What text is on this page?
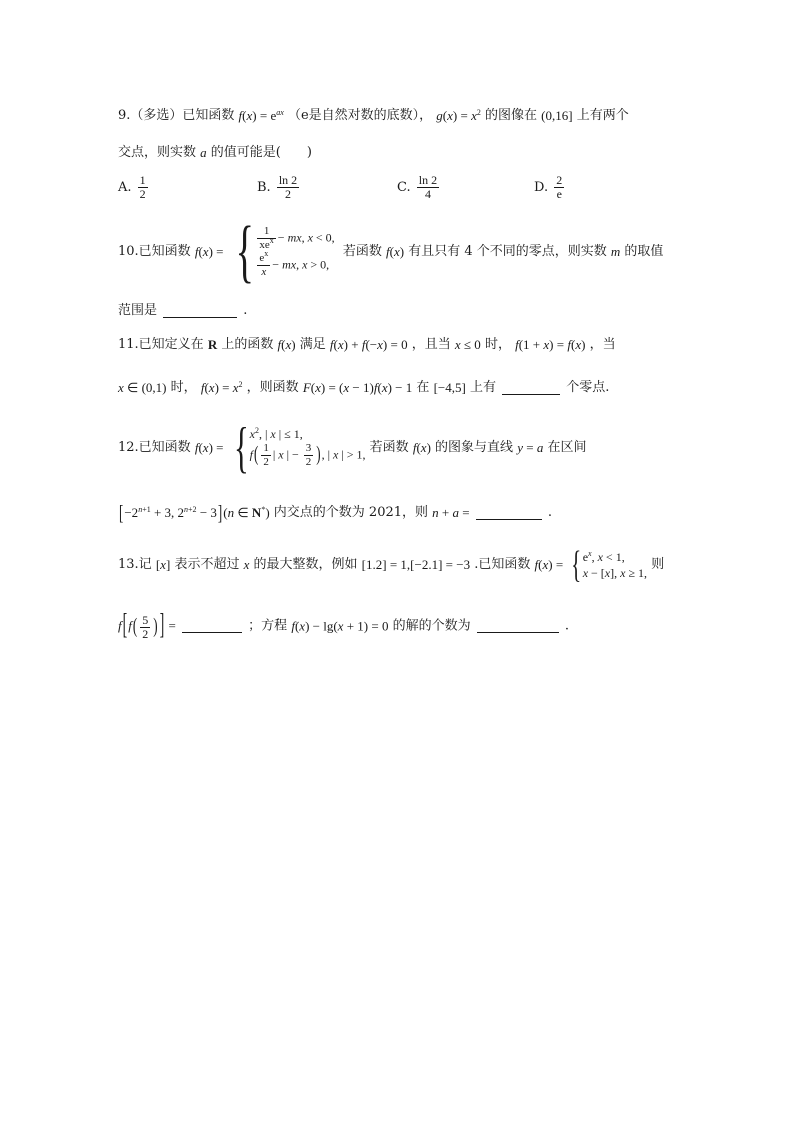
9.（多选）已知函数 $f(x) = e^{ax}$ （e是自然对数的底数）， $g(x) = x^2$ 的图像在 (0,16] 上有两个
交点，则实数 a 的值可能是(　　)
A. $\frac{1}{2}$	B. $\frac{\ln 2}{2}$	C. $\frac{\ln 2}{4}$	D. $\frac{2}{e}$
10.已知函数 f(x) = { $\frac{1}{xe^x}$ − mx, x < 0,
$\frac{e^x}{x}$ − mx, x > 0,
若函数 f(x) 有且只有 4 个不同的零点，则实数 m 的取值
范围是	.
11.已知定义在 R 上的函数 f(x) 满足 f(x) + f(−x) = 0 ，且当 x ≤ 0 时， f(1 + x) = f(x) ，当
x ∈ (0,1) 时， $f(x) = x^2$ ，则函数 F(x) = (x − 1)f(x) − 1 在 [−4,5] 上有	个零点.
12.已知函数 f(x) = { $x^2$, | x | ≤ 1,
$f( \frac{1}{2}$ | x | − $\frac{3}{2}$ ), | x | > 1, 若函数 f(x) 的图象与直线 y = a 在区间
[$-2^{n+1} + 3$, $2^{n+2} - 3](n$ ∈ N*) 内交点的个数为 2021，则 n + a =	.
13.记 [x] 表示不超过 x 的最大整数，例如 [1.2] = 1,[−2.1] = −3 .已知函数 f(x) = { $e^x$, x < 1,
x − [x], x ≥ 1,
则
$f[f( \frac{5}{2}$ ) ] =	；方程 f(x) − lg(x + 1) = 0 的解的个数为	.
